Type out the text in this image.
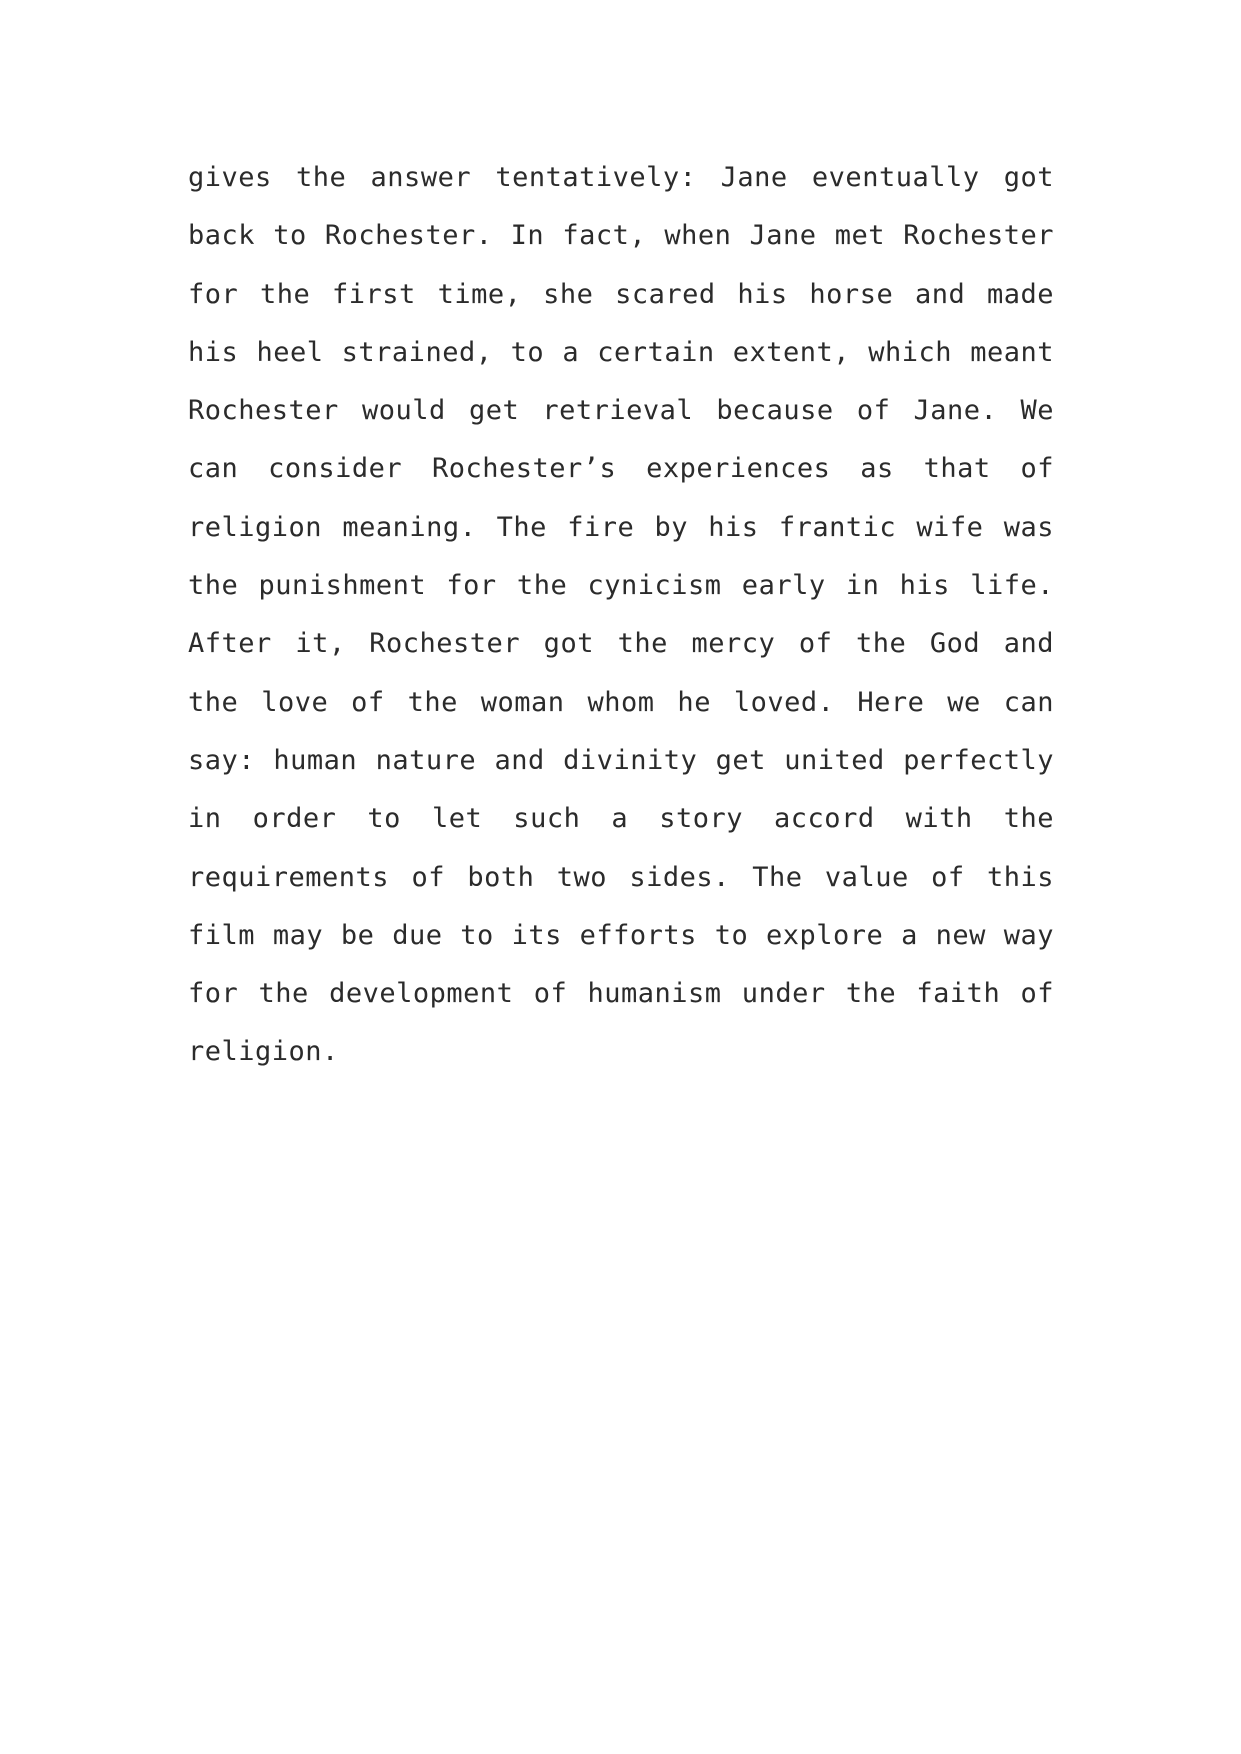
gives the answer tentatively: Jane eventually got
back to Rochester. In fact, when Jane met Rochester
for the first time, she scared his horse and made
his heel strained, to a certain extent, which meant
Rochester would get retrieval because of Jane. We
can consider Rochester’s experiences as that of
religion meaning. The fire by his frantic wife was
the punishment for the cynicism early in his life.
After it, Rochester got the mercy of the God and
the love of the woman whom he loved. Here we can
say: human nature and divinity get united perfectly
in order to let such a story accord with the
requirements of both two sides. The value of this
film may be due to its efforts to explore a new way
for the development of humanism under the faith of
religion.
